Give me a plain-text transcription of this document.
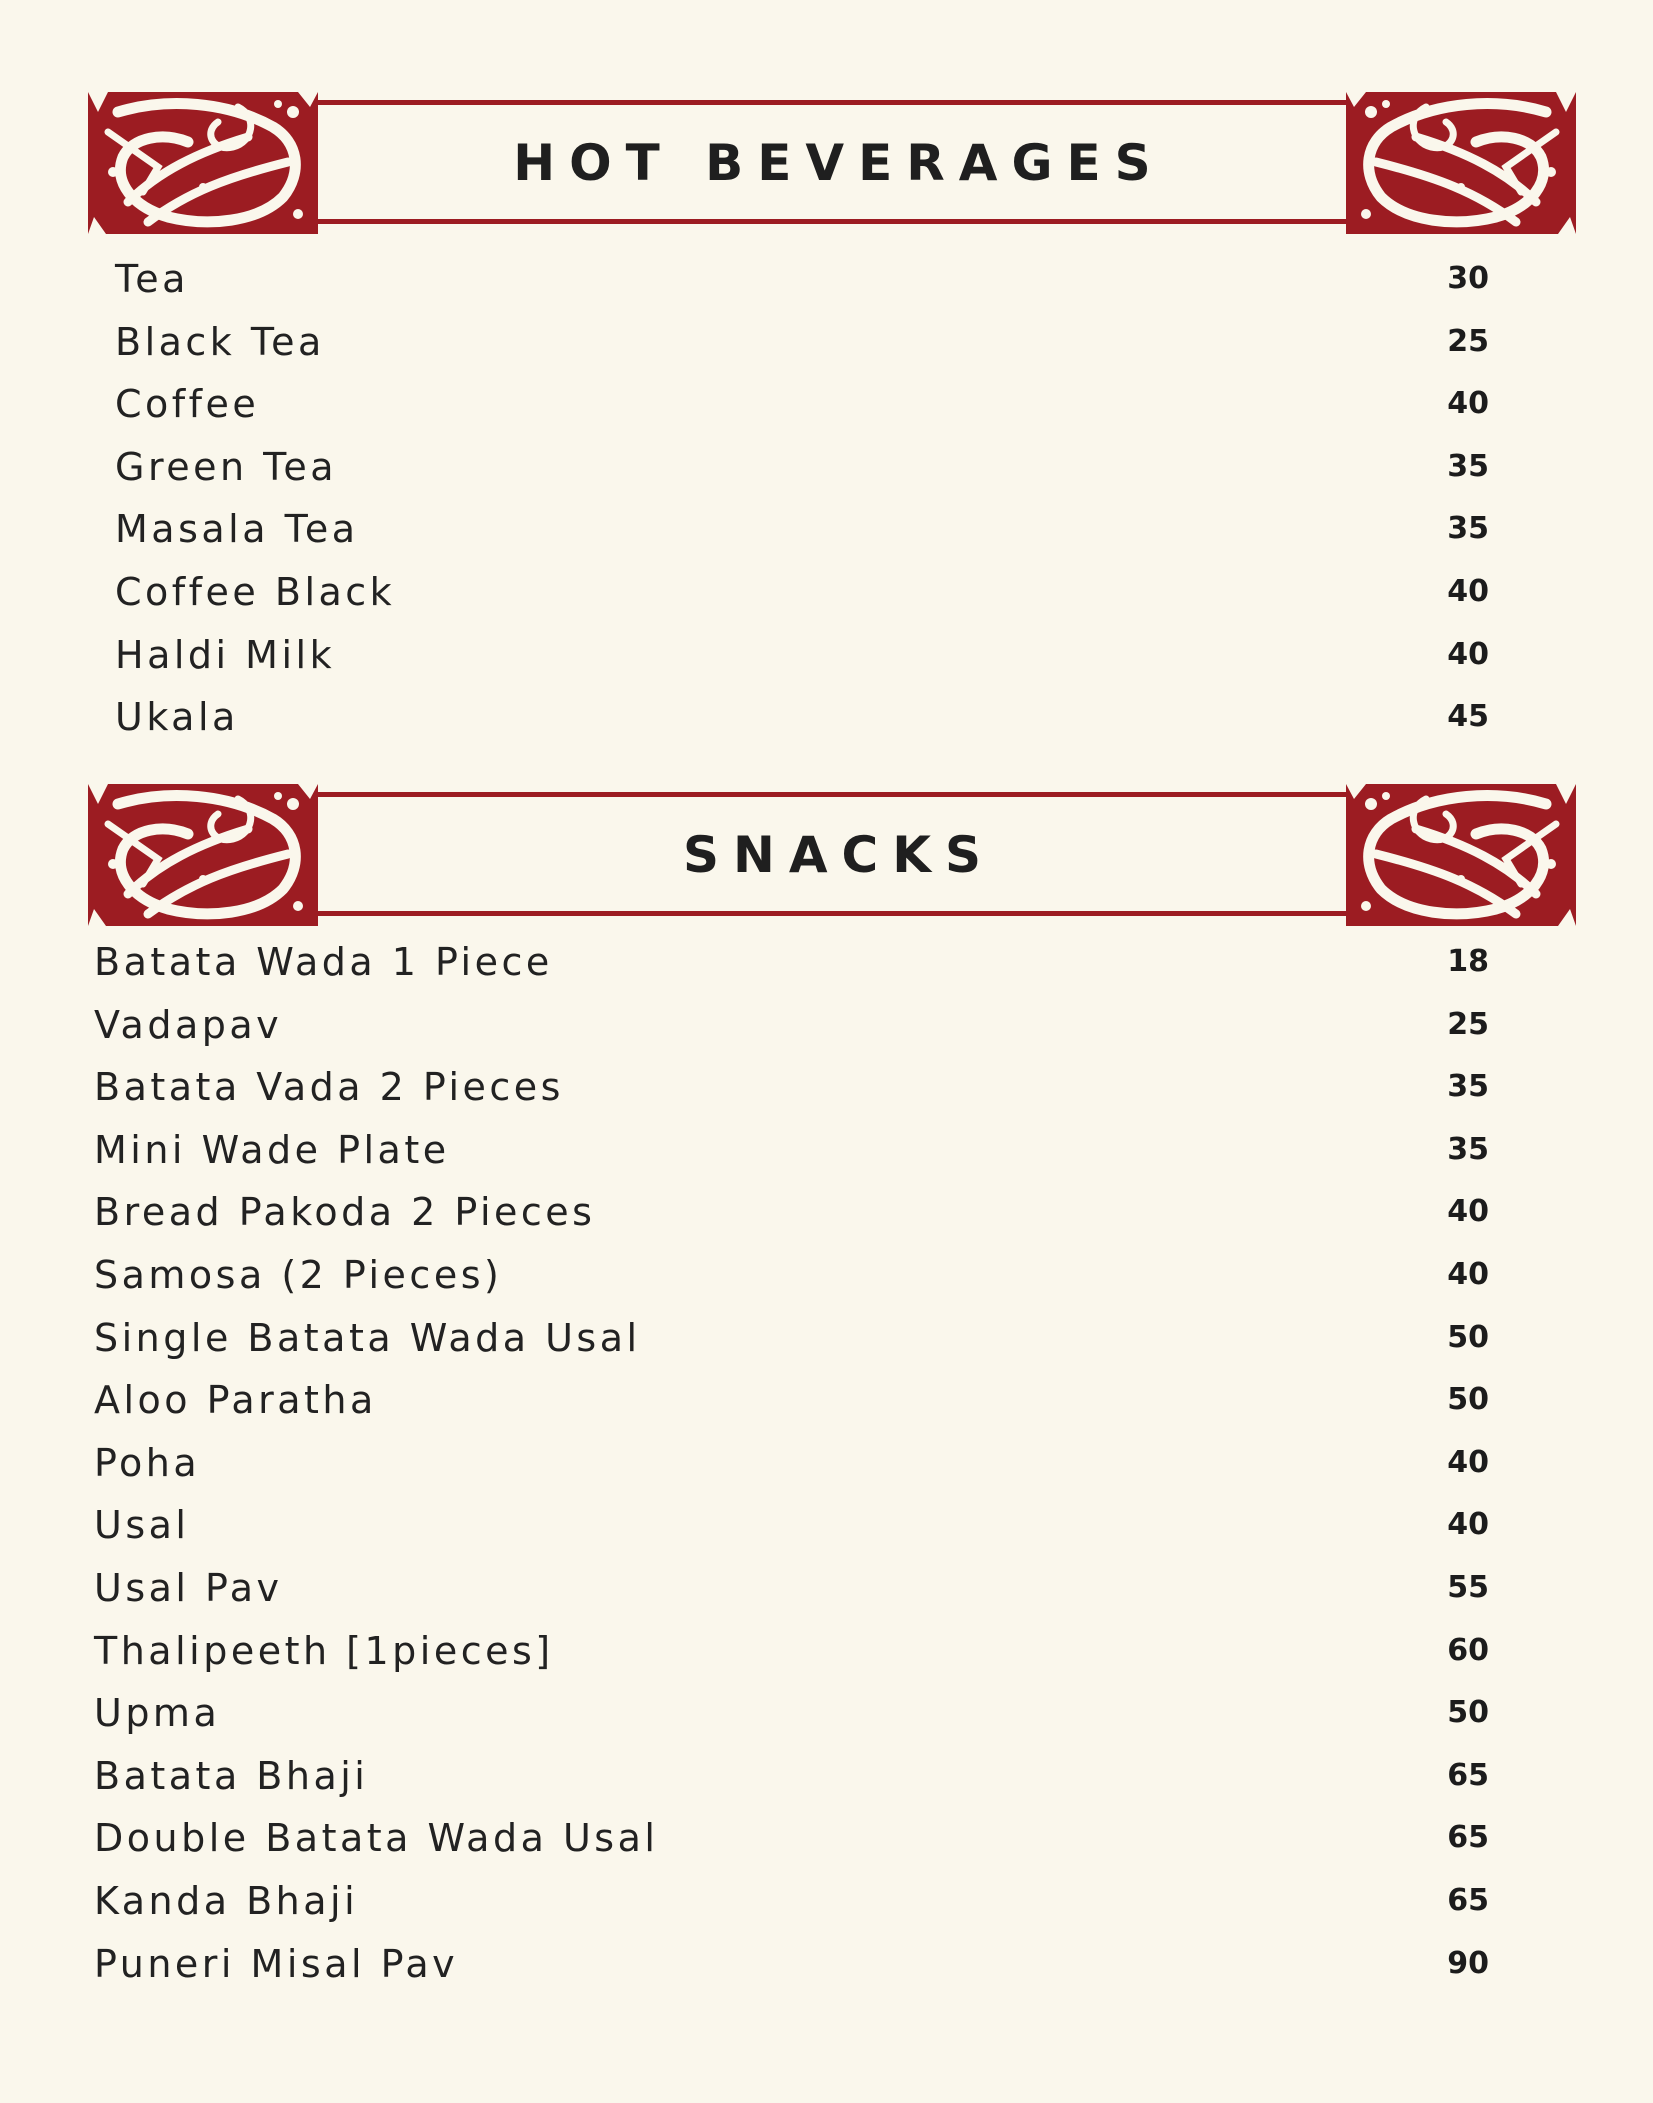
HOT BEVERAGES
Tea	30
Black Tea	25
Coffee	40
Green Tea	35
Masala Tea	35
Coffee Black	40
Haldi Milk	40
Ukala	45
SNACKS
Batata Wada 1 Piece	18
Vadapav	25
Batata Vada 2 Pieces	35
Mini Wade Plate	35
Bread Pakoda 2 Pieces	40
Samosa (2 Pieces)	40
Single Batata Wada Usal	50
Aloo Paratha	50
Poha	40
Usal	40
Usal Pav	55
Thalipeeth [1pieces]	60
Upma	50
Batata Bhaji	65
Double Batata Wada Usal	65
Kanda Bhaji	65
Puneri Misal Pav	90
